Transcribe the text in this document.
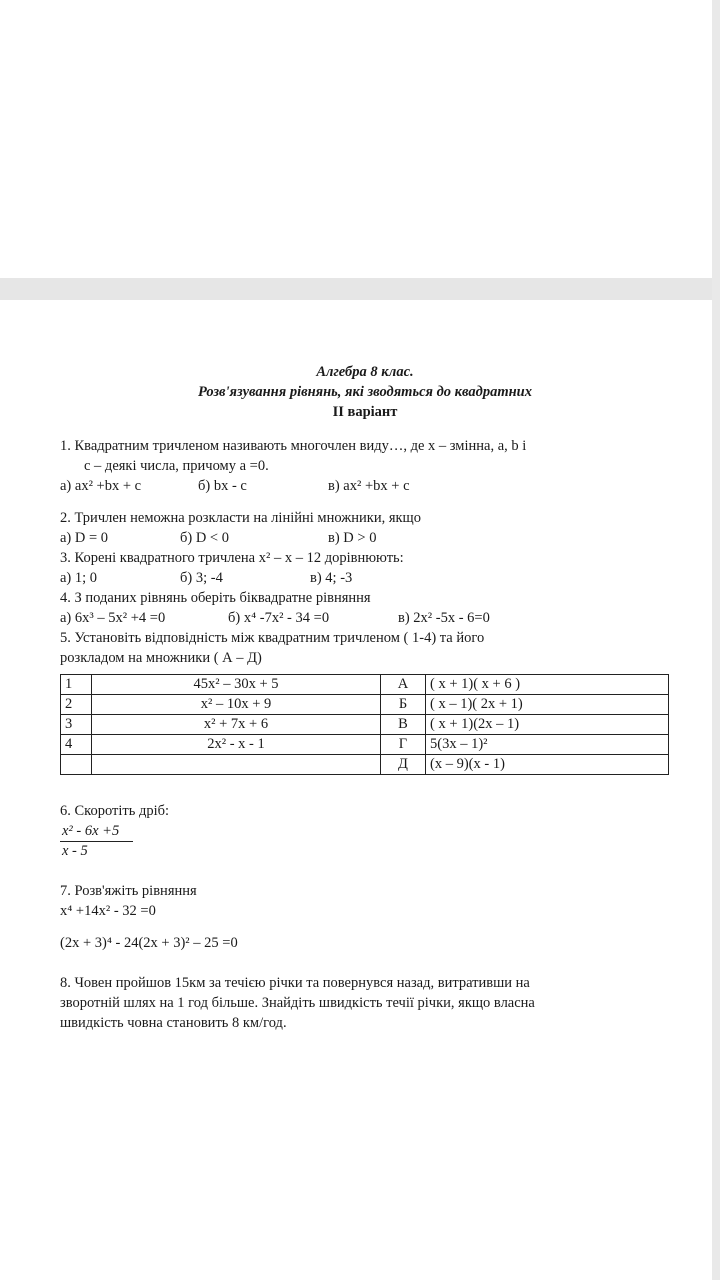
Алгебра 8 клас.
Розв'язування рівнянь, які зводяться до квадратних
ІІ варіант
1. Квадратним тричленом називають многочлен виду…, де x – змінна, a, b і
c – деякі числа, причому a =0.
а) ax² +bx + c	б) bx - c	в) ax² +bx + c
2. Тричлен неможна розкласти на лінійні множники, якщо
а) D = 0	б) D < 0	в) D > 0
3. Корені квадратного тричлена x² – x – 12 дорівнюють:
а) 1; 0	б) 3; -4	в) 4; -3
4. З поданих рівнянь оберіть біквадратне рівняння
а) 6x³ – 5x² +4 =0	б) x⁴ -7x² - 34 =0	в) 2x² -5x - 6=0
5. Установіть відповідність між квадратним тричленом ( 1-4) та його
розкладом на множники ( А – Д)
1	45x² – 30x + 5	А	( x + 1)( x + 6 )
2	x² – 10x + 9	Б	( x – 1)( 2x + 1)
3	x² + 7x + 6	В	( x + 1)(2x – 1)
4	2x² - x - 1	Г	5(3x – 1)²
		Д	(x – 9)(x - 1)
6. Скоротіть дріб:
$\frac{\text{x² - 6x +5}}{x - 5}$
7. Розв'яжіть рівняння
x⁴ +14x² - 32 =0
(2x + 3)⁴ - 24(2x + 3)² – 25 =0
8. Човен пройшов 15км за течією річки та повернувся назад, витративши на
зворотній шлях на 1 год більше. Знайдіть швидкість течії річки, якщо власна
швидкість човна становить 8 км/год.
